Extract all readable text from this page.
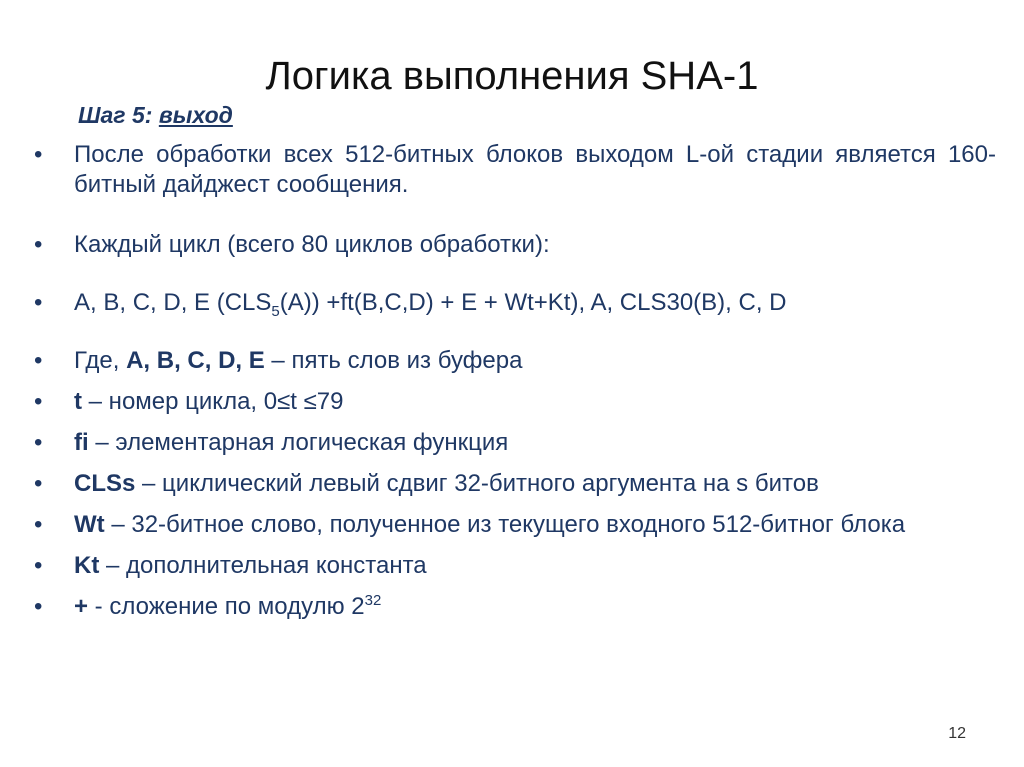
Логика выполнения SHA-1
Шаг 5: выход
• После обработки всех 512-битных блоков выходом L-ой стадии является 160-битный дайджест сообщения.
• Каждый цикл (всего 80 циклов обработки):
• A, B, C, D, E $(CLS_5(A)) +ft(B,C,D) + E + Wt+Kt$), A, CLS30(B), C, D
• Где, A, B, C, D, E – пять слов из буфера
• t – номер цикла, 0≤t ≤79
• fi – элементарная логическая функция
• CLSs – циклический левый сдвиг 32-битного аргумента на s битов
• Wt – 32-битное слово, полученное из текущего входного 512-битног блока
• Kt – дополнительная константа
• + - сложение по модулю $2^{32}$
12
